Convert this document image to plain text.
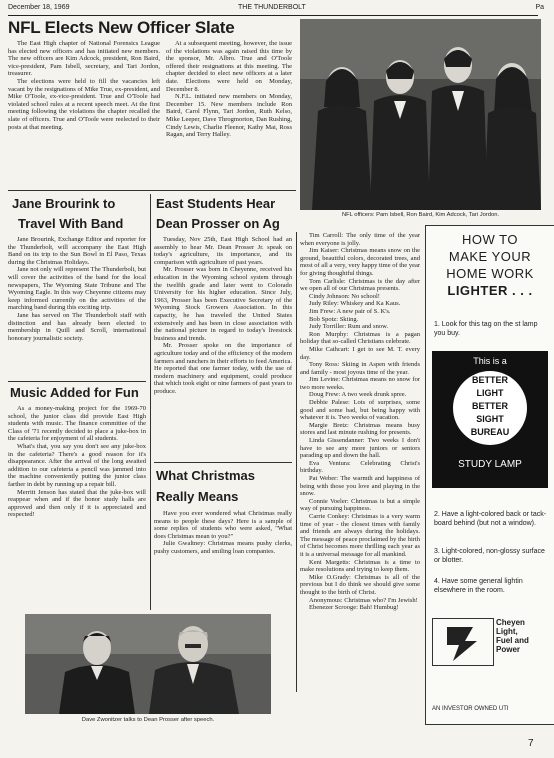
December 18, 1969	THE THUNDERBOLT	Pa
NFL Elects New Officer Slate

The East High chapter of National Forensics League has elected new officers and has initiated new members. The new officers are Kim Adcock, president, Ron Baird, vice-president, Pam Isbell, secretary, and Tari Jordon, treasurer.

The elections were held to fill the vacancies left vacant by the resignations of Mike True, ex-president, and Mike O'Toole, ex-vice-president. True and O'Toole had violated school rules at a recent speech meet. At the first meeting following the violations the chapter recalled the slate of officers. True and O'Toole were reelected to their posts at that meeting.

At a subsequent meeting, however, the issue of the violations was again raised this time by the sponsor, Mr. Albro. True and O'Toole offered their resignations at this meeting. The chapter decided to elect new officers at a later date. Elections were held on Monday, December 8.

N.F.L. initiated new members on Monday, December 15. New members include Ron Baird, Carol Flynn, Tari Jordon, Ruth Kelso, Mike Leeper, Dave Throgmorton, Dan Rushing, Cindy Lewis, Charlie Fleenor, Kathy Mai, Ross Ragan, and Terry Halley.

NFL officers: Pam Isbell, Ron Baird, Kim Adcock, Tari Jordon.
Jane Brourink to
Travel With Band

Jane Brourink, Exchange Editor and reporter for the Thunderbolt, will accompany the East High Band on its trip to the Sun Bowl in El Paso, Texas during the Christmas Holidays.

Jane not only will represent The Thunderbolt, but will cover the activities of the band for the local newspapers, The Wyoming State Tribune and The Wyoming Eagle. In this way Cheyenne citizens may keep informed currently on the activities of the marching band during this exciting trip.

Jane has served on The Thunderbolt staff with distinction and has already been elected to membership in Quill and Scroll, international honorary journalistic society.

Music Added for Fun

As a money-making project for the 1969-70 school, the junior class did provide East High students with music. The finance committee of the Class of '71 recently decided to place a juke-box in the cafeteria for enjoyment of all students.

What's that, you say you don't see any juke-box in the cafeteria? There's a good reason for it's disappearance. After the arrival of the long awaited addition to our cafeteria a pencil was jammed into the machine conveniently putting the junior class farther in debt by running up a repair bill.

Merritt Jenson has stated that the juke-box will reappear when and if the honor study halls are approved and then only if it is appreciated and respected!

East Students Hear
Dean Prosser on Ag

Tuesday, Nov 25th, East High School had an assembly to hear Mr. Dean Prosser Jr. speak on today's agriculture, its importance, and its comparison with agriculture of past years.

Mr. Prosser was born in Cheyenne, received his education in the Wyoming school system through the twelfth grade and later went to Colorado University for his higher education. Since July, 1963, Prosser has been Executive Secretary of the Wyoming Stock Growers Association. In this capacity, he has traveled the United States extensively and has been in close association with the national picture in regard to today's livestock business and trends.

Mr. Prosser spoke on the importance of agriculture today and of the efficiency of the modern farmers and ranchers in their efforts to feed America. He reported that one farmer today, with the use of modern machinery and equipment, could produce that which took eight or nine farmers of past years to produce.

What Christmas
Really Means

Have you ever wondered what Christmas really means to people these days? Here is a sample of some replies of students who were asked, "What does Christmas mean to you?"

Julie Gwaltney: Christmas means pushy clerks, pushy customers, and smiling loan companies.

Tim Carroll: The only time of the year when everyone is jolly.

Jim Kaiser: Christmas means snow on the ground, beautiful colors, decorated trees, and most of all a very, very happy time of the year for giving thoughtful things.

Tom Carlisle: Christmas is the day after we open all of our Christmas presents.

Cindy Johnson: No school!

Judy Riley: Whiskey and Ka Kaus.

Jim Frew: A new pair of S. K's.

Bob Spotz: Skiing.

Judy Torriller: Rum and snow.

Ron Murphy: Christmas is a pagan holiday that so-called Christians celebrate.

Mike Cathcart: I get to see M. T. every day.

Tony Ross: Skiing in Aspen with friends and family - most joyous time of the year.

Jim Levine: Christmas means no snow for two more weeks.

Doug Frew: A two week drunk spree.

Debbie Palese: Lots of surprises, some good and some bad, but being happy with whatever it is. Two weeks of vacation.

Margie Bretz: Christmas means busy stores and last minute rushing for presents.

Linda Gissendanner: Two weeks I don't have to see any more juniors or seniors parading up and down the hall.

Eva Ventura: Celebrating Christ's birthday.

Pat Weber: The warmth and happiness of being with those you love and playing in the snow.

Connie Voeler: Christmas is but a simple way of pursuing happiness.

Carrie Conkey: Christmas is a very warm time of year - the closest times with family and friends are always during the holidays. The message of peace proclaimed by the birth of Christ becomes more thrilling each year as it is a universal message for all mankind.

Keni Margetts: Christmas is a time to make resolutions and trying to keep them.

Mike O.Grady: Christmas is all of the previous but I do think we should give some thought to the birth of Christ.

Anonymous: Christmas who? I'm Jewish!

Ebenezer Scrooge: Bah! Humbug!

Dave Zwonitzer talks to Dean Prosser after speech.
HOW TO
MAKE YOUR
HOME WORK
LIGHTER . . .
1. Look for this tag on the st lamp you buy.
This is a
BETTER
LIGHT
BETTER
SIGHT
BUREAU
STUDY LAMP
2. Have a light-colored back or tack-board behind (but not a window).
3. Light-colored, non-glossy surface or blotter.
4. Have some general lightin elsewhere in the room.
Cheyen
Light,
Fuel and
Power
AN INVESTOR OWNED UTI
7
